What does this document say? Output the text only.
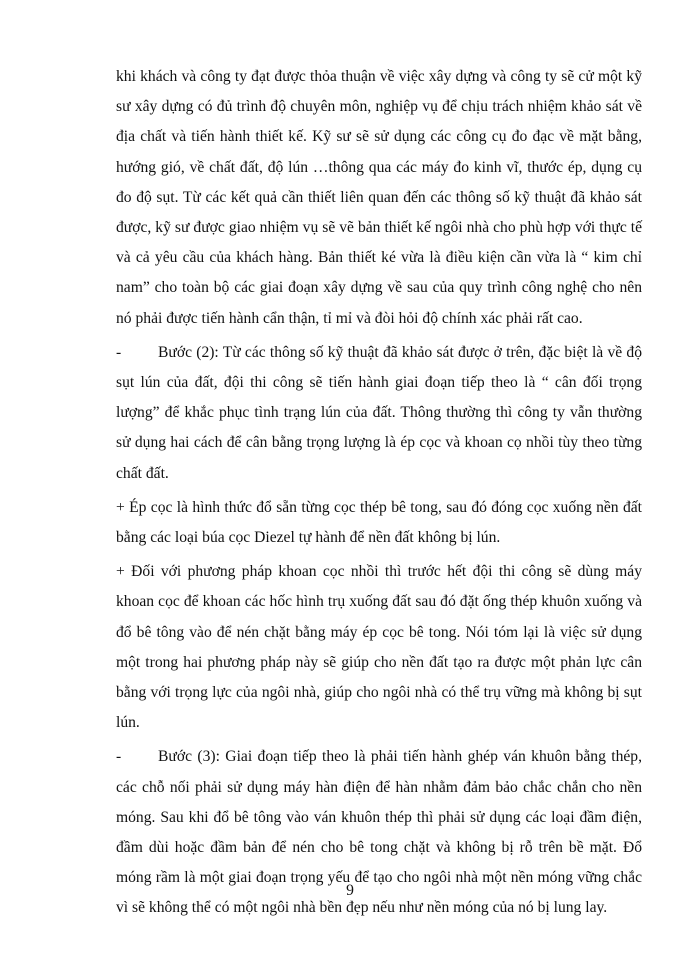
khi khách và công ty đạt được thỏa thuận về việc xây dựng và công ty sẽ cử một kỹ sư xây dựng có đủ trình độ chuyên môn, nghiệp vụ để chịu trách nhiệm khảo sát về địa chất và tiến hành thiết kế. Kỹ sư sẽ sử dụng các công cụ đo đạc về mặt bằng, hướng gió, về chất đất, độ lún …thông qua các máy đo kinh vĩ, thước ép, dụng cụ đo độ sụt. Từ các kết quả cần thiết liên quan đến các thông số kỹ thuật đã khảo sát được, kỹ sư được giao nhiệm vụ sẽ vẽ bản thiết kế ngôi nhà cho phù hợp với thực tế và cả yêu cầu của khách hàng. Bản thiết ké vừa là điều kiện cần vừa là “ kim chỉ nam” cho toàn bộ các giai đoạn xây dựng về sau của quy trình công nghệ cho nên nó phải được tiến hành cẩn thận, tỉ mỉ và đòi hỏi độ chính xác phải rất cao.

- Bước (2): Từ các thông số kỹ thuật đã khảo sát được ở trên, đặc biệt là về độ sụt lún của đất, đội thi công sẽ tiến hành giai đoạn tiếp theo là “ cân đối trọng lượng” để khắc phục tình trạng lún của đất. Thông thường thì công ty vẫn thường sử dụng hai cách để cân bằng trọng lượng là ép cọc và khoan cọ nhồi tùy theo từng chất đất.

+ Ép cọc là hình thức đổ sẵn từng cọc thép bê tong, sau đó đóng cọc xuống nền đất bằng các loại búa cọc Diezel tự hành để nền đất không bị lún.

+ Đối với phương pháp khoan cọc nhồi thì trước hết đội thi công sẽ dùng máy khoan cọc để khoan các hốc hình trụ xuống đất sau đó đặt ống thép khuôn xuống và đổ bê tông vào để nén chặt bằng máy ép cọc bê tong. Nói tóm lại là việc sử dụng một trong hai phương pháp này sẽ giúp cho nền đất tạo ra được một phản lực cân bằng với trọng lực của ngôi nhà, giúp cho ngôi nhà có thể trụ vững mà không bị sụt lún.

- Bước (3): Giai đoạn tiếp theo là phải tiến hành ghép ván khuôn bằng thép, các chỗ nối phải sử dụng máy hàn điện để hàn nhằm đảm bảo chắc chắn cho nền móng. Sau khi đổ bê tông vào ván khuôn thép thì phải sử dụng các loại đầm điện, đầm dùi hoặc đầm bản để nén cho bê tong chặt và không bị rỗ trên bề mặt. Đổ móng rầm là một giai đoạn trọng yếu để tạo cho ngôi nhà một nền móng vững chắc vì sẽ không thể có một ngôi nhà bền đẹp nếu như nền móng của nó bị lung lay.

9
